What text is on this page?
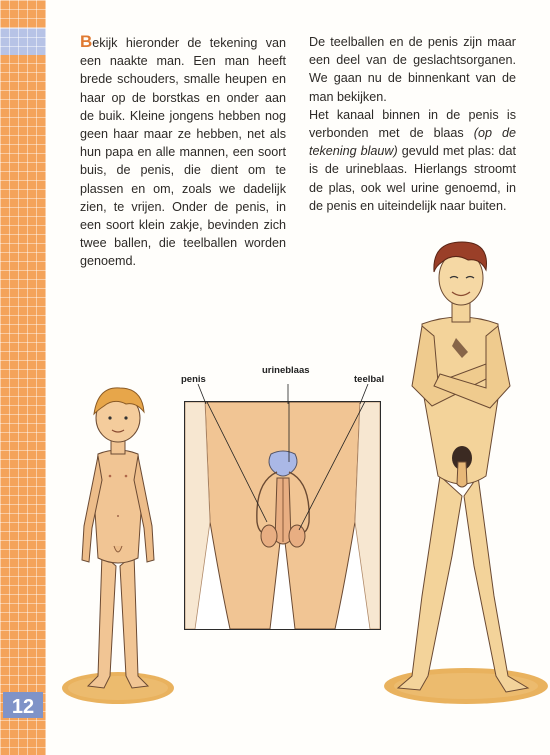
12

Bekijk hieronder de tekening van een naakte man. Een man heeft brede schouders, smalle heupen en haar op de borstkas en onder aan de buik. Kleine jongens hebben nog geen haar maar ze hebben, net als hun papa en alle mannen, een soort buis, de penis, die dient om te plassen en om, zoals we dadelijk zien, te vrijen. Onder de penis, in een soort klein zakje, bevinden zich twee ballen, die teelballen worden genoemd.

De teelballen en de penis zijn maar een deel van de geslachtsorganen. We gaan nu de binnenkant van de man bekijken.

Het kanaal binnen in de penis is verbonden met de blaas (op de tekening blauw) gevuld met plas: dat is de urineblaas. Hierlangs stroomt de plas, ook wel urine genoemd, in de penis en uiteindelijk naar buiten.

penis
urineblaas
teelbal
